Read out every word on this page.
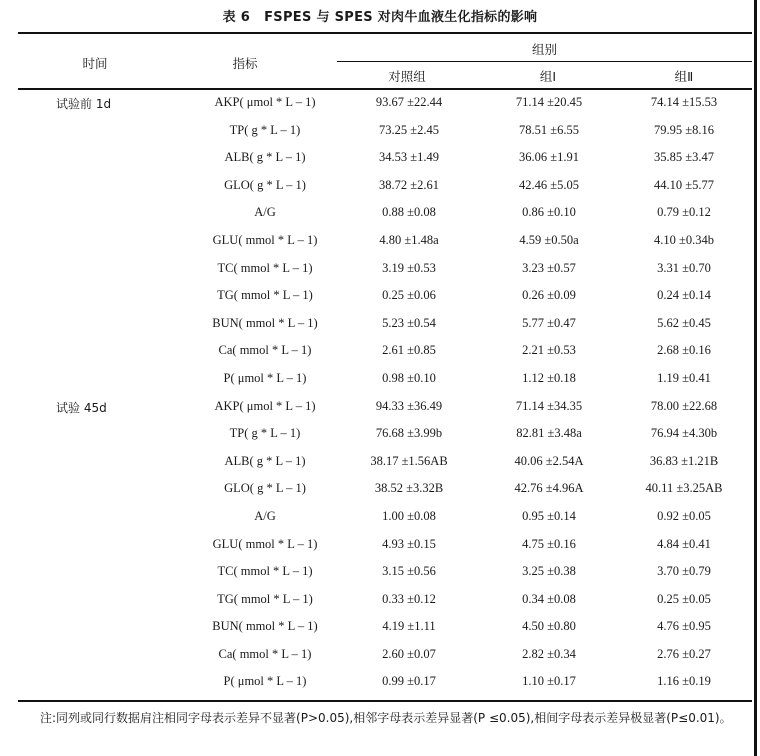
表 6 FSPES 与 SPES 对肉牛血液生化指标的影响
时间	指标
组别
对照组	组Ⅰ	组Ⅱ
试验前 1d	AKP( μmol * L – 1)	93.67 ±22.44	71.14 ±20.45	74.14 ±15.53
TP( g * L – 1)	73.25 ±2.45	78.51 ±6.55	79.95 ±8.16
ALB( g * L – 1)	34.53 ±1.49	36.06 ±1.91	35.85 ±3.47
GLO( g * L – 1)	38.72 ±2.61	42.46 ±5.05	44.10 ±5.77
A/G	0.88 ±0.08	0.86 ±0.10	0.79 ±0.12
GLU( mmol * L – 1)	4.80 ±1.48a	4.59 ±0.50a	4.10 ±0.34b
TC( mmol * L – 1)	3.19 ±0.53	3.23 ±0.57	3.31 ±0.70
TG( mmol * L – 1)	0.25 ±0.06	0.26 ±0.09	0.24 ±0.14
BUN( mmol * L – 1)	5.23 ±0.54	5.77 ±0.47	5.62 ±0.45
Ca( mmol * L – 1)	2.61 ±0.85	2.21 ±0.53	2.68 ±0.16
P( μmol * L – 1)	0.98 ±0.10	1.12 ±0.18	1.19 ±0.41
试验 45d	AKP( μmol * L – 1)	94.33 ±36.49	71.14 ±34.35	78.00 ±22.68
TP( g * L – 1)	76.68 ±3.99b	82.81 ±3.48a	76.94 ±4.30b
ALB( g * L – 1)	38.17 ±1.56AB	40.06 ±2.54A	36.83 ±1.21B
GLO( g * L – 1)	38.52 ±3.32B	42.76 ±4.96A	40.11 ±3.25AB
A/G	1.00 ±0.08	0.95 ±0.14	0.92 ±0.05
GLU( mmol * L – 1)	4.93 ±0.15	4.75 ±0.16	4.84 ±0.41
TC( mmol * L – 1)	3.15 ±0.56	3.25 ±0.38	3.70 ±0.79
TG( mmol * L – 1)	0.33 ±0.12	0.34 ±0.08	0.25 ±0.05
BUN( mmol * L – 1)	4.19 ±1.11	4.50 ±0.80	4.76 ±0.95
Ca( mmol * L – 1)	2.60 ±0.07	2.82 ±0.34	2.76 ±0.27
P( μmol * L – 1)	0.99 ±0.17	1.10 ±0.17	1.16 ±0.19
注:同列或同行数据肩注相同字母表示差异不显著(P>0.05),相邻字母表示差异显著(P ≤0.05),相间字母表示差异极显著(P≤0.01)。
